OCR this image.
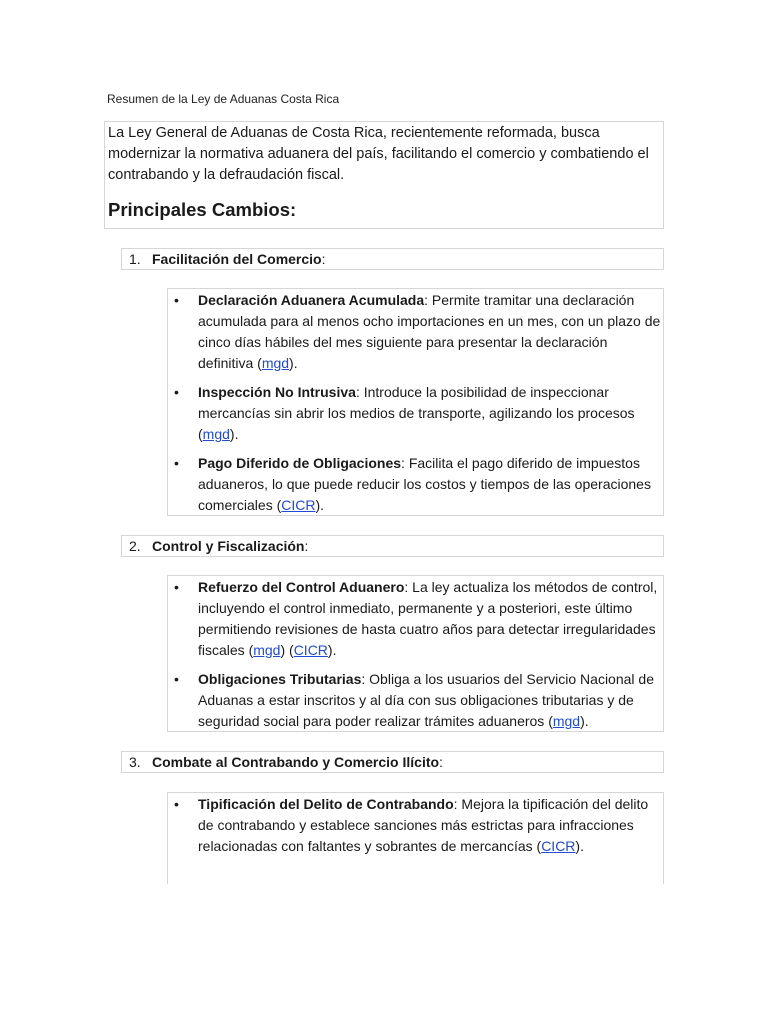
Resumen de la Ley de Aduanas Costa Rica

La Ley General de Aduanas de Costa Rica, recientemente reformada, busca modernizar la normativa aduanera del país, facilitando el comercio y combatiendo el contrabando y la defraudación fiscal.

Principales Cambios:
1. Facilitación del Comercio:
• Declaración Aduanera Acumulada: Permite tramitar una declaración acumulada para al menos ocho importaciones en un mes, con un plazo de cinco días hábiles del mes siguiente para presentar la declaración definitiva (mgd).
• Inspección No Intrusiva: Introduce la posibilidad de inspeccionar mercancías sin abrir los medios de transporte, agilizando los procesos (mgd).
• Pago Diferido de Obligaciones: Facilita el pago diferido de impuestos aduaneros, lo que puede reducir los costos y tiempos de las operaciones comerciales (CICR).
2. Control y Fiscalización:
• Refuerzo del Control Aduanero: La ley actualiza los métodos de control, incluyendo el control inmediato, permanente y a posteriori, este último permitiendo revisiones de hasta cuatro años para detectar irregularidades fiscales (mgd) (CICR).
• Obligaciones Tributarias: Obliga a los usuarios del Servicio Nacional de Aduanas a estar inscritos y al día con sus obligaciones tributarias y de seguridad social para poder realizar trámites aduaneros (mgd).
3. Combate al Contrabando y Comercio Ilícito:
• Tipificación del Delito de Contrabando: Mejora la tipificación del delito de contrabando y establece sanciones más estrictas para infracciones relacionadas con faltantes y sobrantes de mercancías (CICR).
